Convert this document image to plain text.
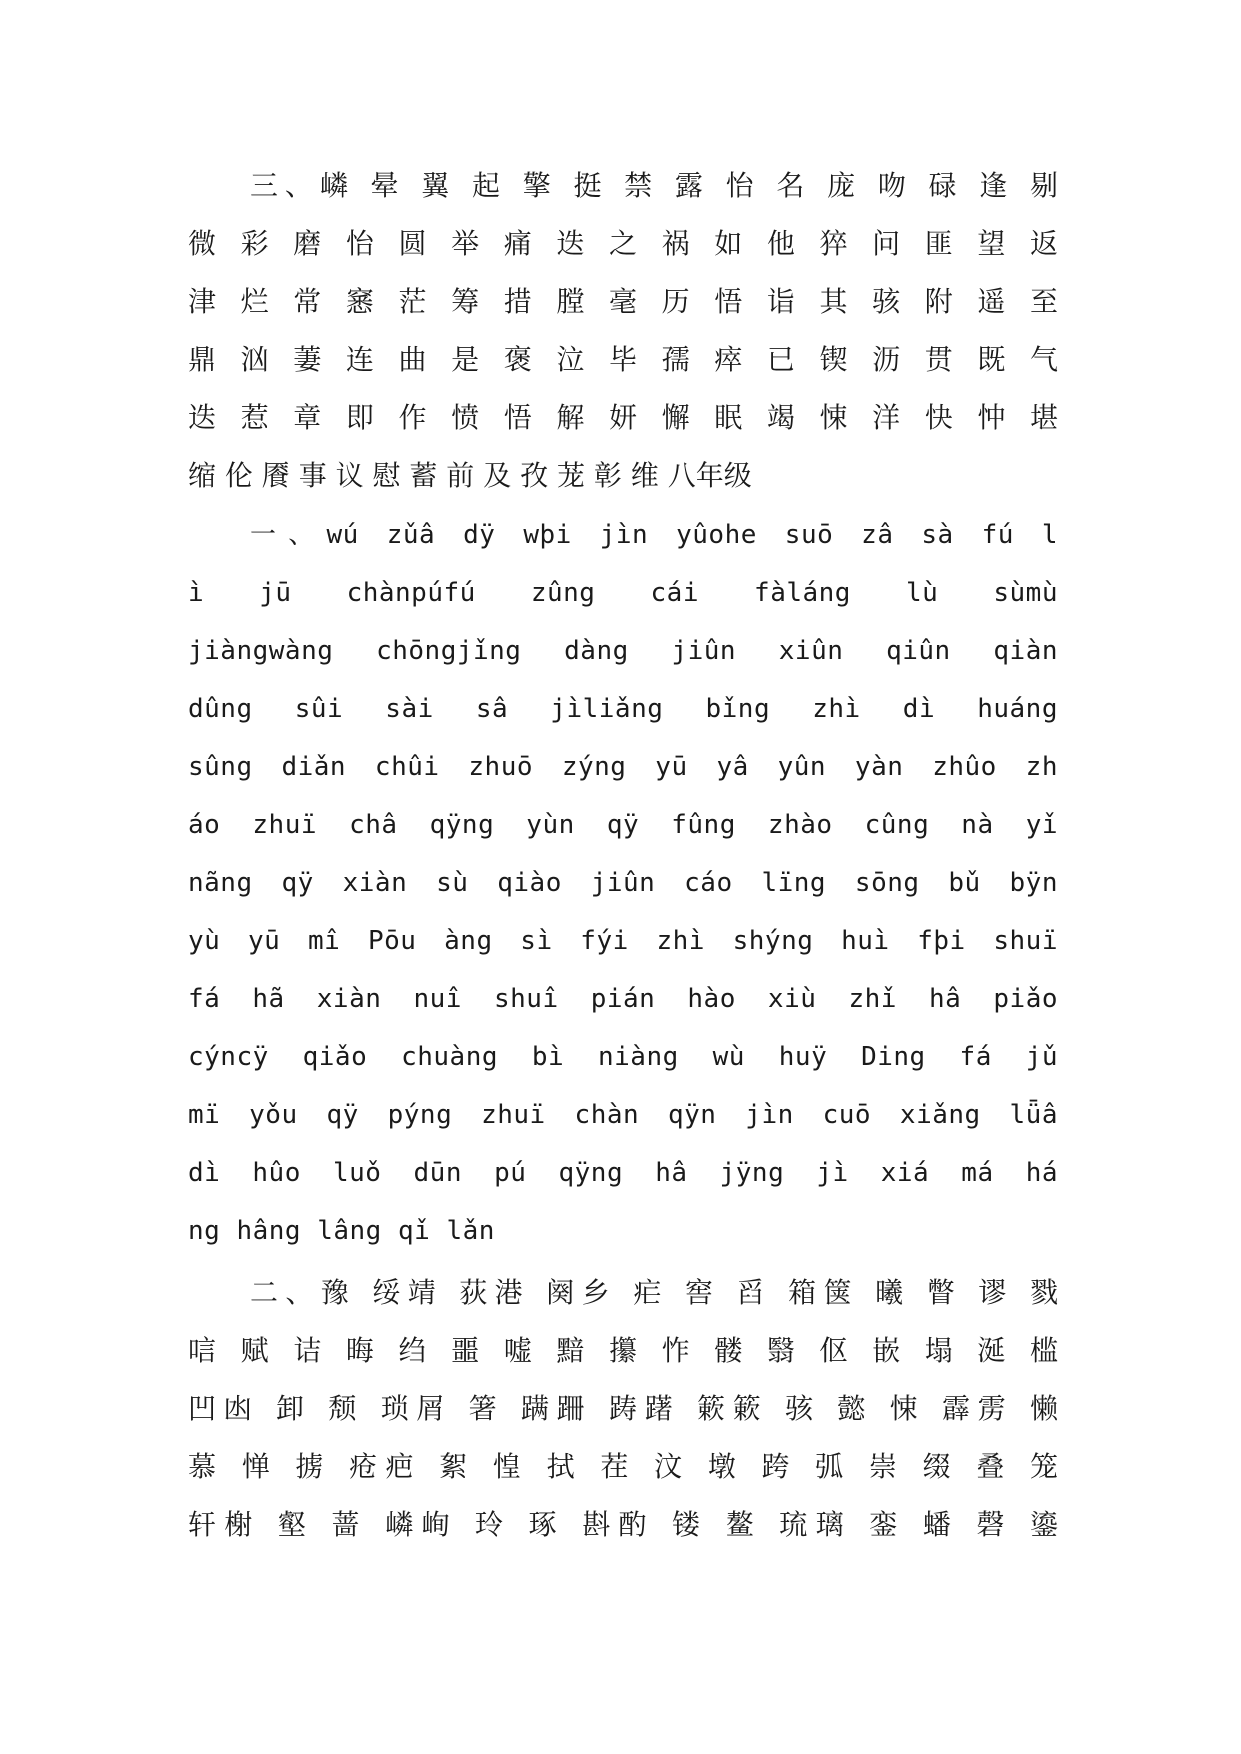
三、嶙 晕 翼 起 擎 挺 禁 露 怡 名 庞 吻 碌 逢 剔
微 彩 磨 怡 圆 举 痛 迭 之 祸 如 他 猝 问 匪 望 返
津 烂 常 窸 茫 筹 措 膛 毫 历 悟 诣 其 骇 附 遥 至
鼎 汹 萋 连 曲 是 褒 泣 毕 孺 瘁 已 锲 沥 贯 既 气
迭 惹 章 即 作 愤 悟 解 妍 懈 眠 竭 悚 洋 快 忡 堪
缩 伦 餍 事 议 慰 蓄 前 及 孜 茏 彰 维 八年级
一、wú zǔâ dÿ wþi jìn yûohe suō zâ sà fú l
ì jū chànpúfú zûng cái fàláng lù sùmù
jiàngwàng chōngjǐng dàng jiûn xiûn qiûn qiàn
dûng sûi sài sâ jìliǎng bǐng zhì dì huáng
sûng diǎn chûi zhuō zýng yū yâ yûn yàn zhûo zh
áo zhuï châ qÿng yùn qÿ fûng zhào cûng nà yǐ
nãng qÿ xiàn sù qiào jiûn cáo lïng sōng bǔ bÿn
yù yū mî Pōu àng sì fýi zhì shýng huì fþi shuï
fá hã xiàn nuî shuî pián hào xiù zhǐ hâ piǎo
cýncÿ qiǎo chuàng bì niàng wù huÿ Ding fá jǔ
mï yǒu qÿ pýng zhuï chàn qÿn jìn cuō xiǎng lǖâ
dì hûo luǒ dūn pú qÿng hâ jÿng jì xiá má há
ng hâng lâng qǐ lǎn
二、豫 绥靖 荻港 阕乡 疟 窖 舀 箱箧 曦 瞥 谬 戮
唁 赋 诘 晦 绉 噩 嘘 黯 攥 怍 髅 翳 伛 嵌 塌 涎 槛
凹凼 卸 颓 琐屑 箸 蹒跚 踌躇 簌簌 骇 懿 悚 霹雳 懒
慕 惮 掳 疮疤 絮 惶 拭 茬 汶 墩 跨 弧 崇 缀 叠 笼
轩榭 壑 蔷 嶙峋 玲 琢 斟酌 镂 鳌 琉璃 銮 蟠 磬 鎏
